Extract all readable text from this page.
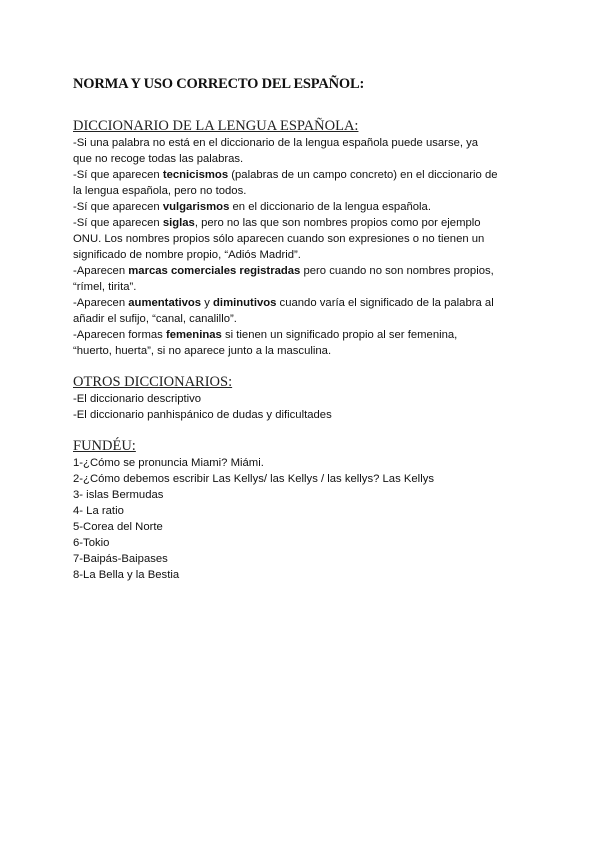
NORMA Y USO CORRECTO DEL ESPAÑOL:

DICCIONARIO DE LA LENGUA ESPAÑOLA:

-Si una palabra no está en el diccionario de la lengua española puede usarse, ya

que no recoge todas las palabras.

-Sí que aparecen tecnicismos (palabras de un campo concreto) en el diccionario de

la lengua española, pero no todos.

-Sí que aparecen vulgarismos en el diccionario de la lengua española.

-Sí que aparecen siglas, pero no las que son nombres propios como por ejemplo

ONU. Los nombres propios sólo aparecen cuando son expresiones o no tienen un

significado de nombre propio, “Adiós Madrid”.

-Aparecen marcas comerciales registradas pero cuando no son nombres propios,

“rímel, tirita”.

-Aparecen aumentativos y diminutivos cuando varía el significado de la palabra al

añadir el sufijo, “canal, canalillo”.

-Aparecen formas femeninas si tienen un significado propio al ser femenina,

“huerto, huerta”, si no aparece junto a la masculina.

OTROS DICCIONARIOS:

-El diccionario descriptivo

-El diccionario panhispánico de dudas y dificultades

FUNDÉU:

1-¿Cómo se pronuncia Miami? Miámi.

2-¿Cómo debemos escribir Las Kellys/ las Kellys / las kellys? Las Kellys

3- islas Bermudas

4- La ratio

5-Corea del Norte

6-Tokio

7-Baipás-Baipases

8-La Bella y la Bestia
